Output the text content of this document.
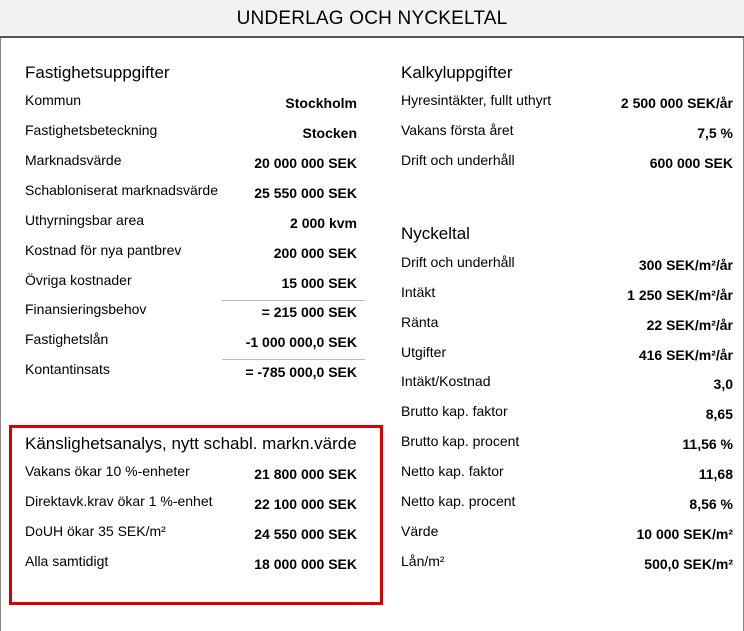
UNDERLAG OCH NYCKELTAL
Fastighetsuppgifter
Kommun	Stockholm
Fastighetsbeteckning	Stocken
Marknadsvärde	20 000 000 SEK
Schabloniserat marknadsvärde	25 550 000 SEK
Uthyrningsbar area	2 000 kvm
Kostnad för nya pantbrev	200 000 SEK
Övriga kostnader	15 000 SEK
Finansieringsbehov	= 215 000 SEK
Fastighetslån	-1 000 000,0 SEK
Kontantinsats	= -785 000,0 SEK
Känslighetsanalys, nytt schabl. markn.värde
Vakans ökar 10 %-enheter	21 800 000 SEK
Direktavk.krav ökar 1 %-enhet	22 100 000 SEK
DoUH ökar 35 SEK/m²	24 550 000 SEK
Alla samtidigt	18 000 000 SEK
Kalkyluppgifter
Hyresintäkter, fullt uthyrt	2 500 000 SEK/år
Vakans första året	7,5 %
Drift och underhåll	600 000 SEK
Nyckeltal
Drift och underhåll	300 SEK/m²/år
Intäkt	1 250 SEK/m²/år
Ränta	22 SEK/m²/år
Utgifter	416 SEK/m²/år
Intäkt/Kostnad	3,0
Brutto kap. faktor	8,65
Brutto kap. procent	11,56 %
Netto kap. faktor	11,68
Netto kap. procent	8,56 %
Värde	10 000 SEK/m²
Lån/m²	500,0 SEK/m²
